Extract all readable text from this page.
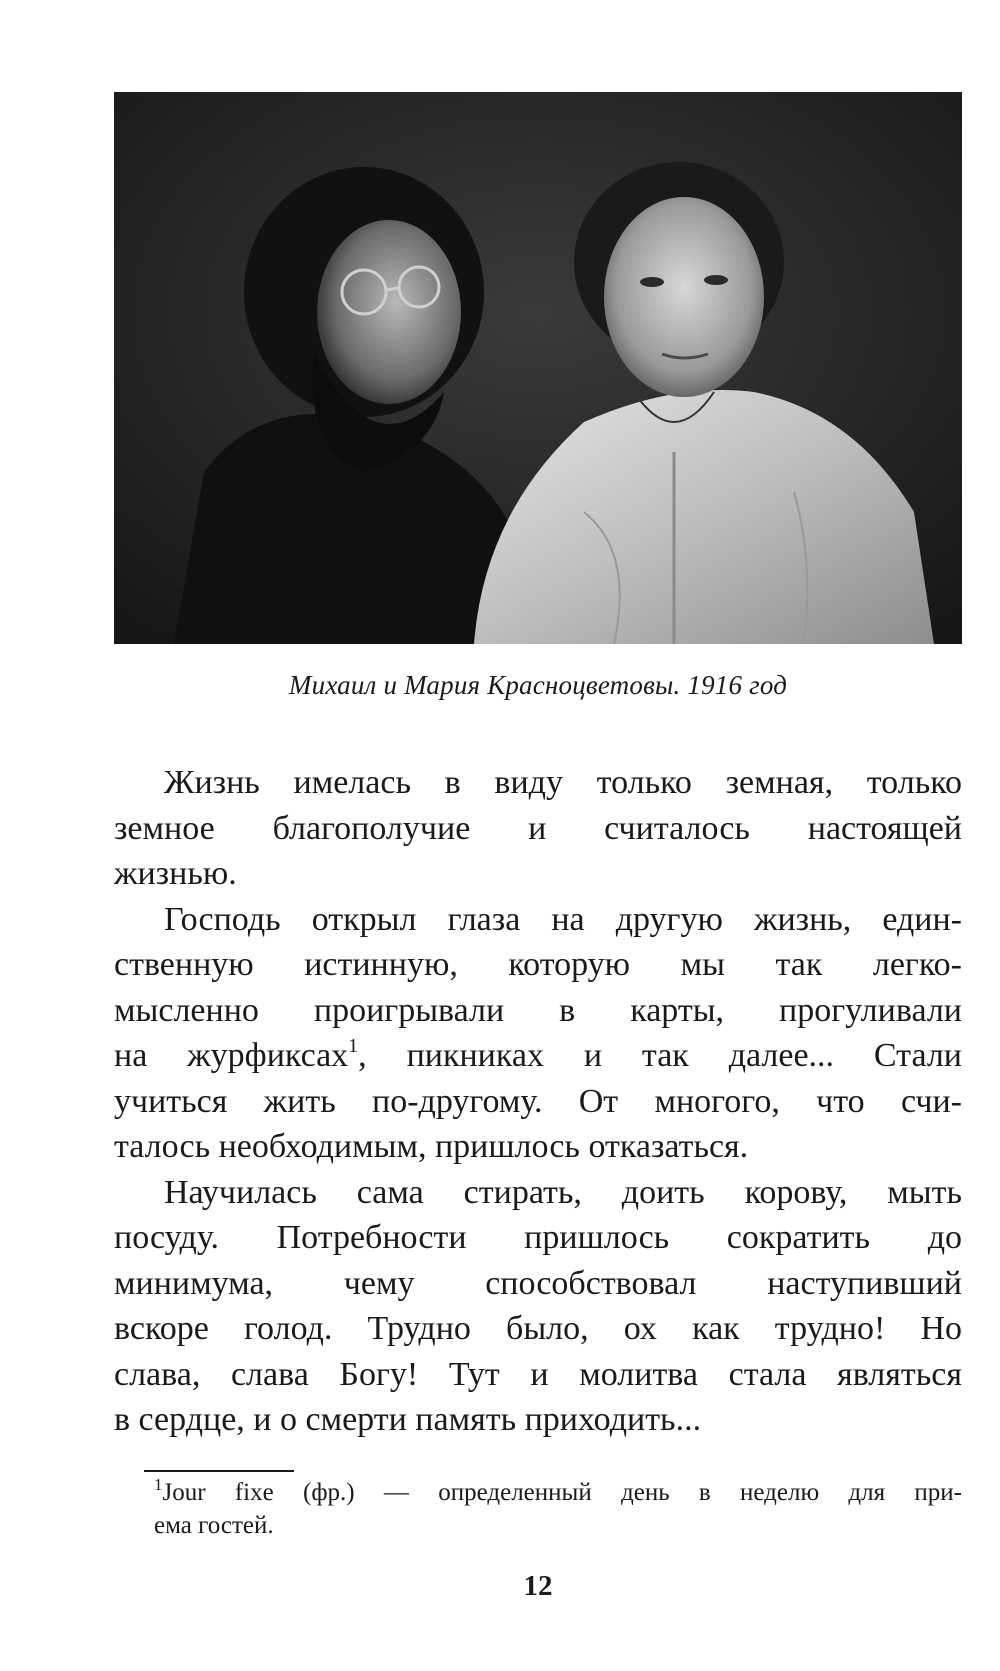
Михаил и Мария Красноцветовы. 1916 год
Жизнь имелась в виду только земная, только
земное благополучие и считалось настоящей
жизнью.
Господь открыл глаза на другую жизнь, един-
ственную истинную, которую мы так легко-
мысленно проигрывали в карты, прогуливали
на журфиксах$^1$, пикниках и так далее... Стали
учиться жить по-другому. От многого, что счи-
талось необходимым, пришлось отказаться.
Научилась сама стирать, доить корову, мыть
посуду. Потребности пришлось сократить до
минимума, чему способствовал наступивший
вскоре голод. Трудно было, ох как трудно! Но
слава, слава Богу! Тут и молитва стала являться
в сердце, и о смерти память приходить...
$^1$Jour fixe (фр.) — определенный день в неделю для при-
ема гостей.
12
